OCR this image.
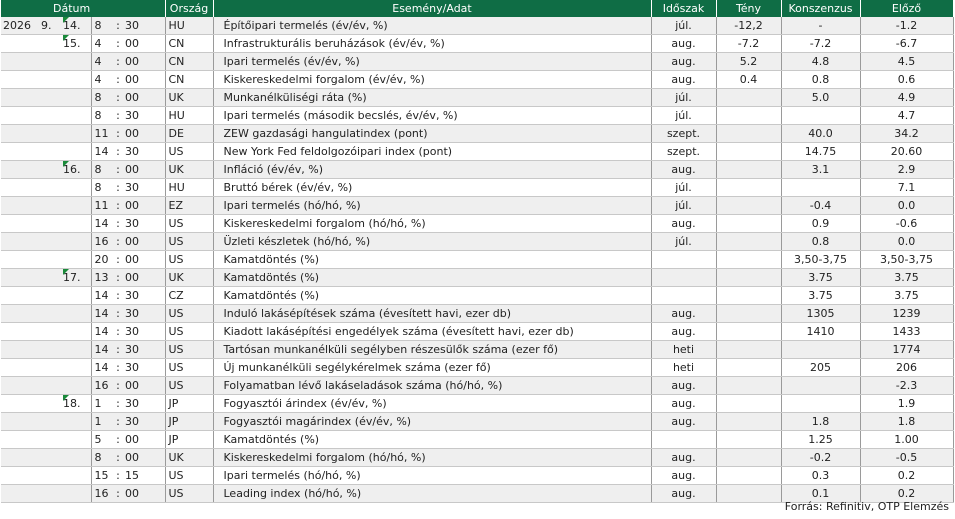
Dátum						Ország	Esemény/Adat	Időszak	Tény	Konszenzus	Előző
2026	9.	14.	8	:	30	HU	Építőipari termelés (év/év, %)	júl.	-12,2	-	-1.2

15.	4	:	00	CN	Infrastrukturális beruházások (év/év, %)	aug.	-7.2	-7.2	-6.7
			4	:	00	CN	Ipari termelés (év/év, %)	aug.	5.2	4.8	4.5
			4	:	00	CN	Kiskereskedelmi forgalom (év/év, %)	aug.	0.4	0.8	0.6
			8	:	00	UK	Munkanélküliségi ráta (%)	júl.		5.0	4.9
			8	:	30	HU	Ipari termelés (második becslés, év/év, %)	júl.			4.7
			11	:	00	DE	ZEW gazdasági hangulatindex (pont)	szept.		40.0	34.2
			14	:	30	US	New York Fed feldolgozóipari index (pont)	szept.		14.75	20.60

16.	8	:	00	UK	Infláció (év/év, %)	aug.		3.1	2.9
			8	:	30	HU	Bruttó bérek (év/év, %)	júl.			7.1
			11	:	00	EZ	Ipari termelés (hó/hó, %)	júl.		-0.4	0.0
			14	:	30	US	Kiskereskedelmi forgalom (hó/hó, %)	aug.		0.9	-0.6
			16	:	00	US	Üzleti készletek (hó/hó, %)	júl.		0.8	0.0
			20	:	00	US	Kamatdöntés (%)			3,50-3,75	3,50-3,75

17.	13	:	00	UK	Kamatdöntés (%)			3.75	3.75
			14	:	30	CZ	Kamatdöntés (%)			3.75	3.75
			14	:	30	US	Induló lakásépítések száma (évesített havi, ezer db)	aug.		1305	1239
			14	:	30	US	Kiadott lakásépítési engedélyek száma (évesített havi, ezer db)	aug.		1410	1433
			14	:	30	US	Tartósan munkanélküli segélyben részesülők száma (ezer fő)	heti			1774
			14	:	30	US	Új munkanélküli segélykérelmek száma (ezer fő)	heti		205	206
			16	:	00	US	Folyamatban lévő lakáseladások száma (hó/hó, %)	aug.			-2.3

18.	1	:	30	JP	Fogyasztói árindex (év/év, %)	aug.			1.9
			1	:	30	JP	Fogyasztói magárindex (év/év, %)	aug.		1.8	1.8
			5	:	00	JP	Kamatdöntés (%)			1.25	1.00
			8	:	00	UK	Kiskereskedelmi forgalom (hó/hó, %)	aug.		-0.2	-0.5
			15	:	15	US	Ipari termelés (hó/hó, %)	aug.		0.3	0.2
			16	:	00	US	Leading index (hó/hó, %)	aug.		0.1	0.2
Forrás: Refinitiv, OTP Elemzés
